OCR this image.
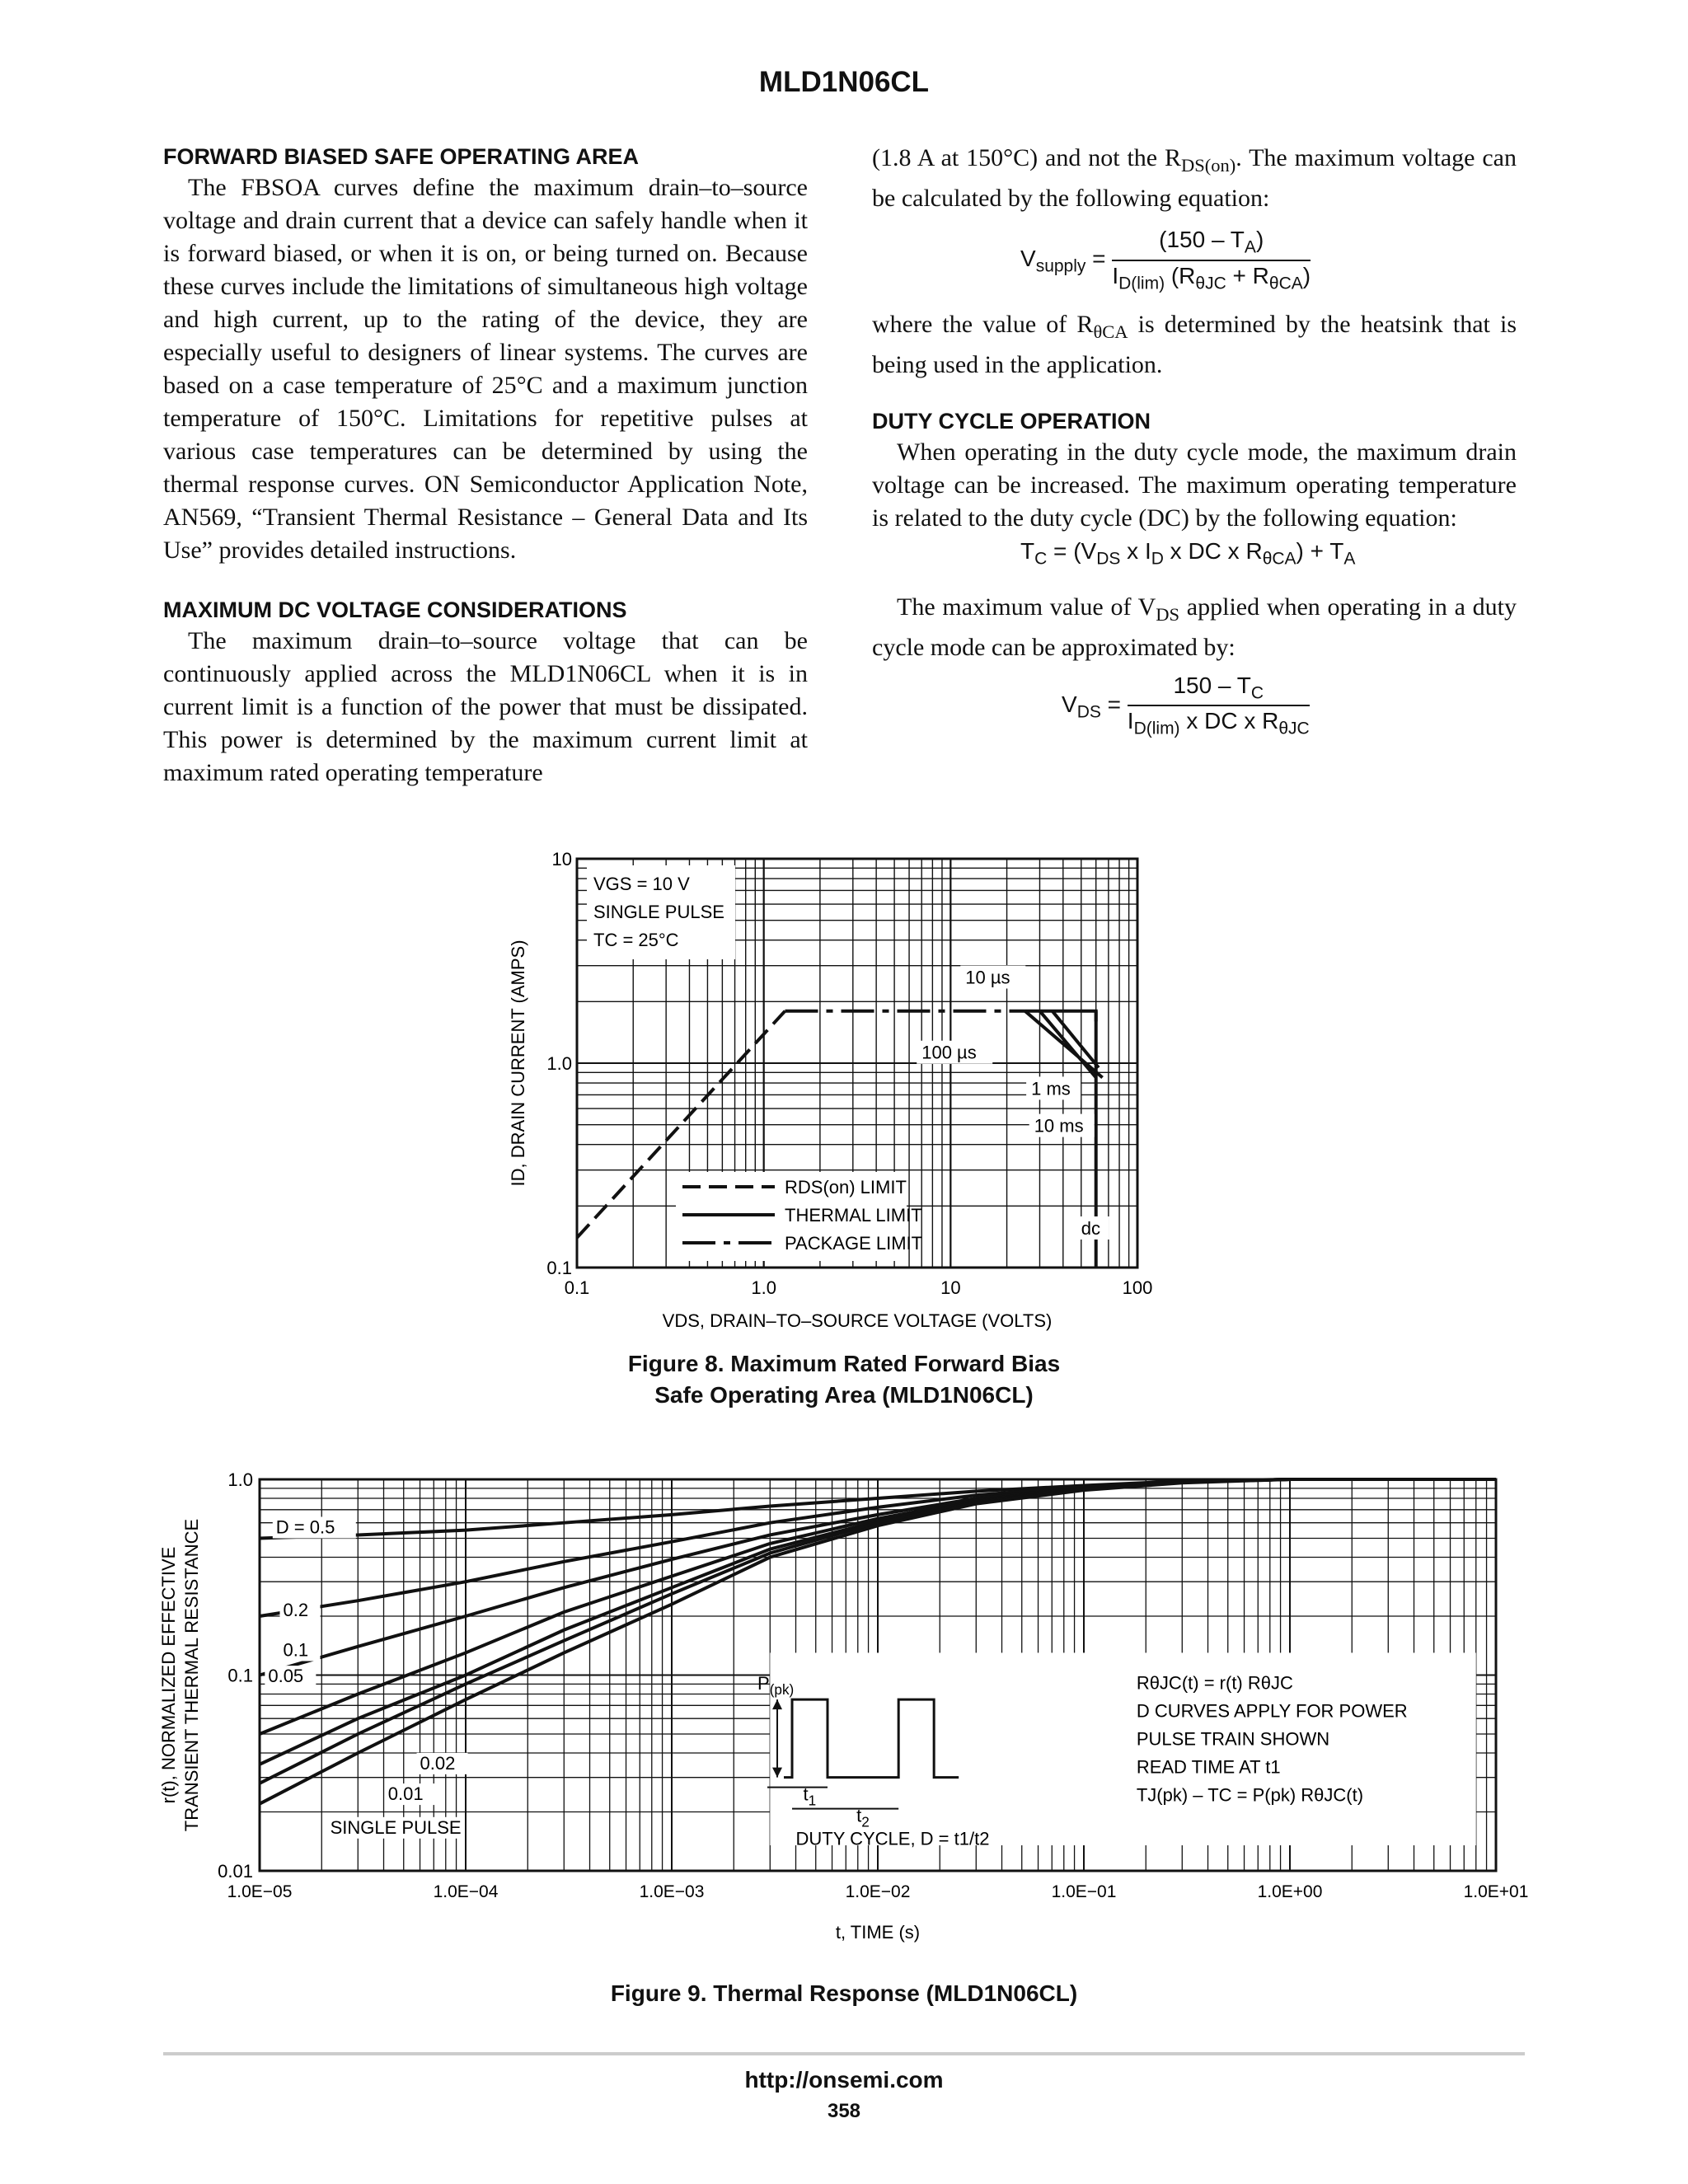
MLD1N06CL
FORWARD BIASED SAFE OPERATING AREA

The FBSOA curves define the maximum drain–to–source voltage and drain current that a device can safely handle when it is forward biased, or when it is on, or being turned on. Because these curves include the limitations of simultaneous high voltage and high current, up to the rating of the device, they are especially useful to designers of linear systems. The curves are based on a case temperature of 25°C and a maximum junction temperature of 150°C. Limitations for repetitive pulses at various case temperatures can be determined by using the thermal response curves. ON Semiconductor Application Note, AN569, “Transient Thermal Resistance – General Data and Its Use” provides detailed instructions.

MAXIMUM DC VOLTAGE CONSIDERATIONS

The maximum drain–to–source voltage that can be continuously applied across the MLD1N06CL when it is in current limit is a function of the power that must be dissipated. This power is determined by the maximum current limit at maximum rated operating temperature

(1.8 A at 150°C) and not the $R_{DS(on)}$. The maximum voltage can be calculated by the following equation:

$V_{supply} = \frac{(150 - T_A)}{I_{D(lim)} (R_{\theta JC} + R_{\theta CA})}$

where the value of $R_{\theta CA}$ is determined by the heatsink that is being used in the application.

DUTY CYCLE OPERATION

When operating in the duty cycle mode, the maximum drain voltage can be increased. The maximum operating temperature is related to the duty cycle (DC) by the following equation:

$T_C = (V_{DS}$ x $I_D$ x DC x $R_{\theta CA}) + T_A$

The maximum value of $V_{DS}$ applied when operating in a duty cycle mode can be approximated by:

$V_{DS} = \frac{150 - T_C}{I_{D(lim)} x DC x R_{\theta JC}}$
0.1	1.0	10	100
0.1
1.0
10
VDS, DRAIN–TO–SOURCE VOLTAGE (VOLTS)
ID, DRAIN CURRENT (AMPS)
VGS = 10 V
SINGLE PULSE
TC = 25°C
RDS(on) LIMIT
THERMAL LIMIT
PACKAGE LIMIT
10 µs
100 µs
1 ms
10 ms
dc
Figure 8. Maximum Rated Forward Bias
Safe Operating Area (MLD1N06CL)
1.0E−05	1.0E−04	1.0E−03	1.0E−02	1.0E−01	1.0E+00	1.0E+01
0.01
0.1
1.0
t, TIME (s)
r(t), NORMALIZED EFFECTIVE TRANSIENT THERMAL RESISTANCE	D = 0.5
0.2
0.1
0.05
0.02
0.01
SINGLE PULSE
$P_{(pk)}$
$t_1$
$t_2$
DUTY CYCLE, D = t1/t2
RθJC(t) = r(t) RθJC
D CURVES APPLY FOR POWER
PULSE TRAIN SHOWN
READ TIME AT t1
TJ(pk) – TC = P(pk) RθJC(t)
Figure 9. Thermal Response (MLD1N06CL)
http://onsemi.com
358
